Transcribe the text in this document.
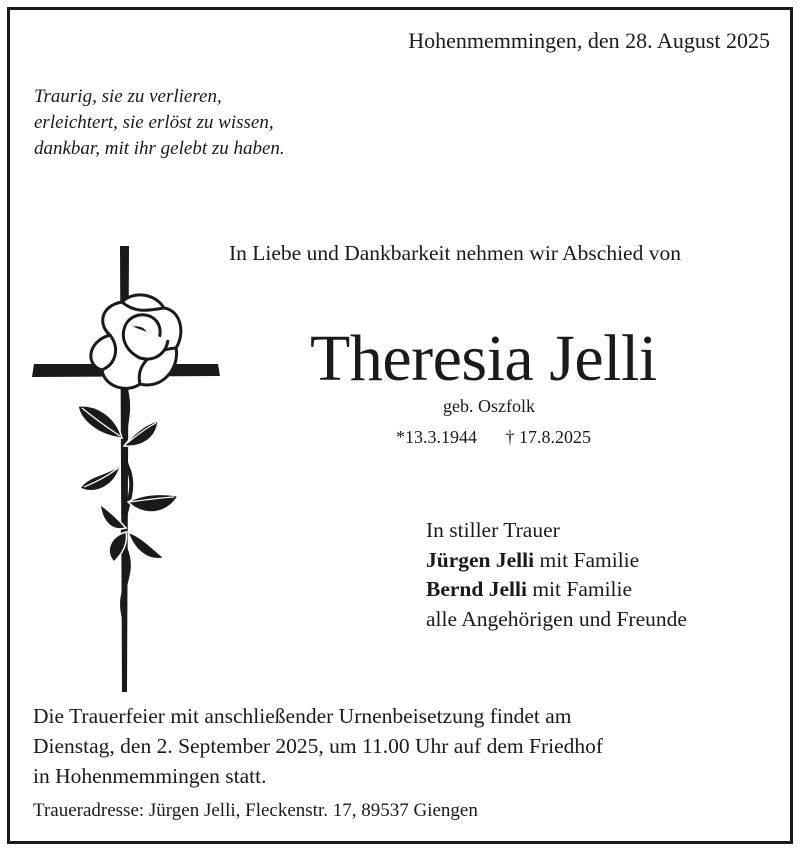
Hohenmemmingen, den 28. August 2025
Traurig, sie zu verlieren,
erleichtert, sie erlöst zu wissen,
dankbar, mit ihr gelebt zu haben.
In Liebe und Dankbarkeit nehmen wir Abschied von
Theresia Jelli
geb. Oszfolk
*13.3.1944 † 17.8.2025
In stiller Trauer
Jürgen Jelli mit Familie
Bernd Jelli mit Familie
alle Angehörigen und Freunde
Die Trauerfeier mit anschließender Urnenbeisetzung findet am
Dienstag, den 2. September 2025, um 11.00 Uhr auf dem Friedhof
in Hohenmemmingen statt.
Traueradresse: Jürgen Jelli, Fleckenstr. 17, 89537 Giengen
